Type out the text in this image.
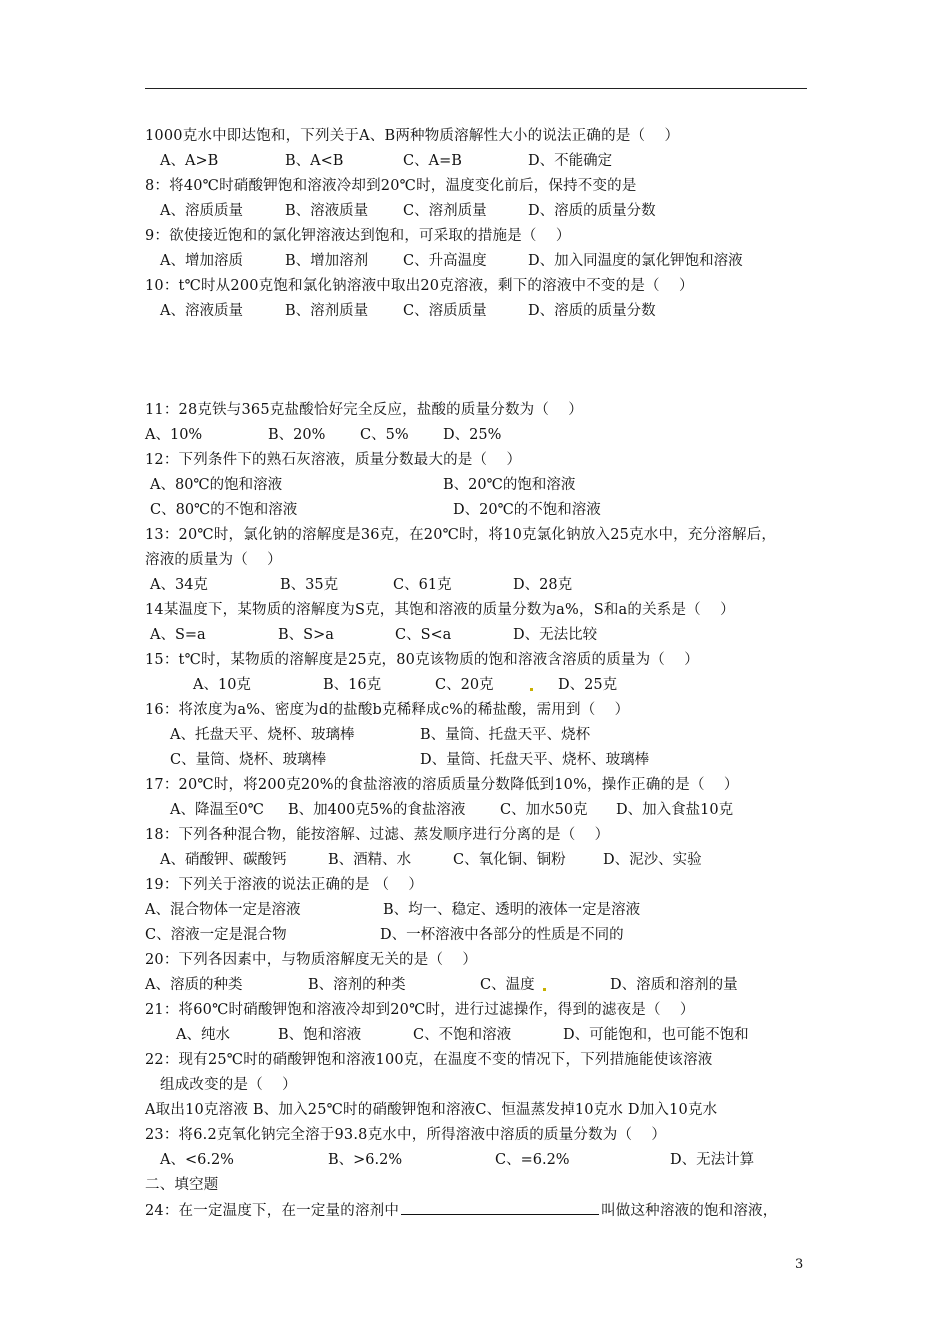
1000克水中即达饱和，下列关于A、B两种物质溶解性大小的说法正确的是（    ）
A、A>B	B、A<B	C、A=B	D、不能确定
8：将40℃时硝酸钾饱和溶液冷却到20℃时，温度变化前后，保持不变的是
A、溶质质量	B、溶液质量 C、溶剂质量	D、溶质的质量分数
9：欲使接近饱和的氯化钾溶液达到饱和，可采取的措施是（    ）
A、增加溶质	B、增加溶剂 C、升高温度	D、加入同温度的氯化钾饱和溶液
10：t℃时从200克饱和氯化钠溶液中取出20克溶液，剩下的溶液中不变的是（    ）
A、溶液质量	B、溶剂质量 C、溶质质量	D、溶质的质量分数
11：28克铁与365克盐酸恰好完全反应，盐酸的质量分数为（    ）
A、10%	B、20% C、5% D、25%
12：下列条件下的熟石灰溶液，质量分数最大的是（    ）
A、80℃的饱和溶液	B、20℃的饱和溶液
C、80℃的不饱和溶液	D、20℃的不饱和溶液
13：20℃时，氯化钠的溶解度是36克，在20℃时，将10克氯化钠放入25克水中，充分溶解后，
溶液的质量为（    ）
A、34克	B、35克	C、61克	D、28克
14某温度下，某物质的溶解度为S克，其饱和溶液的质量分数为a%，S和a的关系是（    ）
A、S=a	B、S>a	C、S<a	D、无法比较
15：t℃时，某物质的溶解度是25克，80克该物质的饱和溶液含溶质的质量为（    ）
A、10克	B、16克	C、20克	D、25克
16：将浓度为a%、密度为d的盐酸b克稀释成c%的稀盐酸，需用到（    ）
A、托盘天平、烧杯、玻璃棒	B、量筒、托盘天平、烧杯
C、量筒、烧杯、玻璃棒	D、量筒、托盘天平、烧杯、玻璃棒
17：20℃时，将200克20%的食盐溶液的溶质质量分数降低到10%，操作正确的是（    ）
A、降温至0℃ B、加400克5%的食盐溶液 C、加水50克 D、加入食盐10克
18：下列各种混合物，能按溶解、过滤、蒸发顺序进行分离的是（    ）
A、硝酸钾、碳酸钙	B、酒精、水	C、氧化铜、铜粉	D、泥沙、实验
19：下列关于溶液的说法正确的是 （    ）
A、混合物体一定是溶液	B、均一、稳定、透明的液体一定是溶液
C、溶液一定是混合物	D、一杯溶液中各部分的性质是不同的
20：下列各因素中，与物质溶解度无关的是（    ）
A、溶质的种类	B、溶剂的种类	C、温度	D、溶质和溶剂的量
21：将60℃时硝酸钾饱和溶液冷却到20℃时，进行过滤操作，得到的滤夜是（    ）
A、纯水	B、饱和溶液	C、不饱和溶液	D、可能饱和，也可能不饱和
22：现有25℃时的硝酸钾饱和溶液100克，在温度不变的情况下，下列措施能使该溶液
组成改变的是（    ）
A取出10克溶液 B、加入25℃时的硝酸钾饱和溶液C、恒温蒸发掉10克水 D加入10克水
23：将6.2克氧化钠完全溶于93.8克水中，所得溶液中溶质的质量分数为（    ）
A、<6.2%	B、>6.2%	C、=6.2%	D、无法计算
二、填空题
24：在一定温度下，在一定量的溶剂中	叫做这种溶液的饱和溶液，
3
